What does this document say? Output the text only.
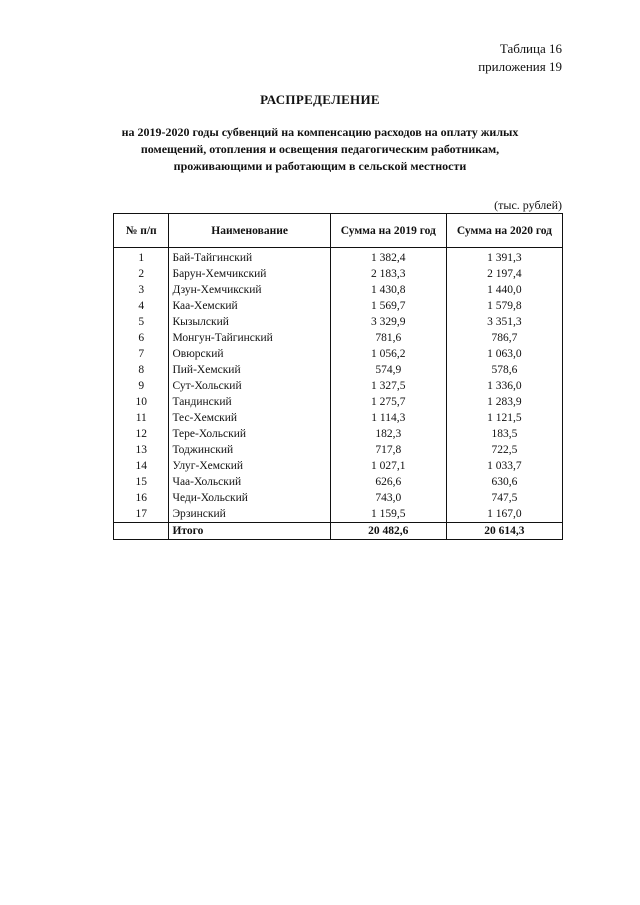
Таблица 16
приложения 19
РАСПРЕДЕЛЕНИЕ
на 2019-2020 годы субвенций на компенсацию расходов на оплату жилых
помещений, отопления и освещения педагогическим работникам,
проживающими и работающим в сельской местности
(тыс. рублей)
№ п/п	Наименование	Сумма на 2019 год	Сумма на 2020 год
1	Бай-Тайгинский	1 382,4	1 391,3
2	Барун-Хемчикский	2 183,3	2 197,4
3	Дзун-Хемчикский	1 430,8	1 440,0
4	Каа-Хемский	1 569,7	1 579,8
5	Кызылский	3 329,9	3 351,3
6	Монгун-Тайгинский	781,6	786,7
7	Овюрский	1 056,2	1 063,0
8	Пий-Хемский	574,9	578,6
9	Сут-Хольский	1 327,5	1 336,0
10	Тандинский	1 275,7	1 283,9
11	Тес-Хемский	1 114,3	1 121,5
12	Тере-Хольский	182,3	183,5
13	Тоджинский	717,8	722,5
14	Улуг-Хемский	1 027,1	1 033,7
15	Чаа-Хольский	626,6	630,6
16	Чеди-Хольский	743,0	747,5
17	Эрзинский	1 159,5	1 167,0
	Итого	20 482,6	20 614,3
